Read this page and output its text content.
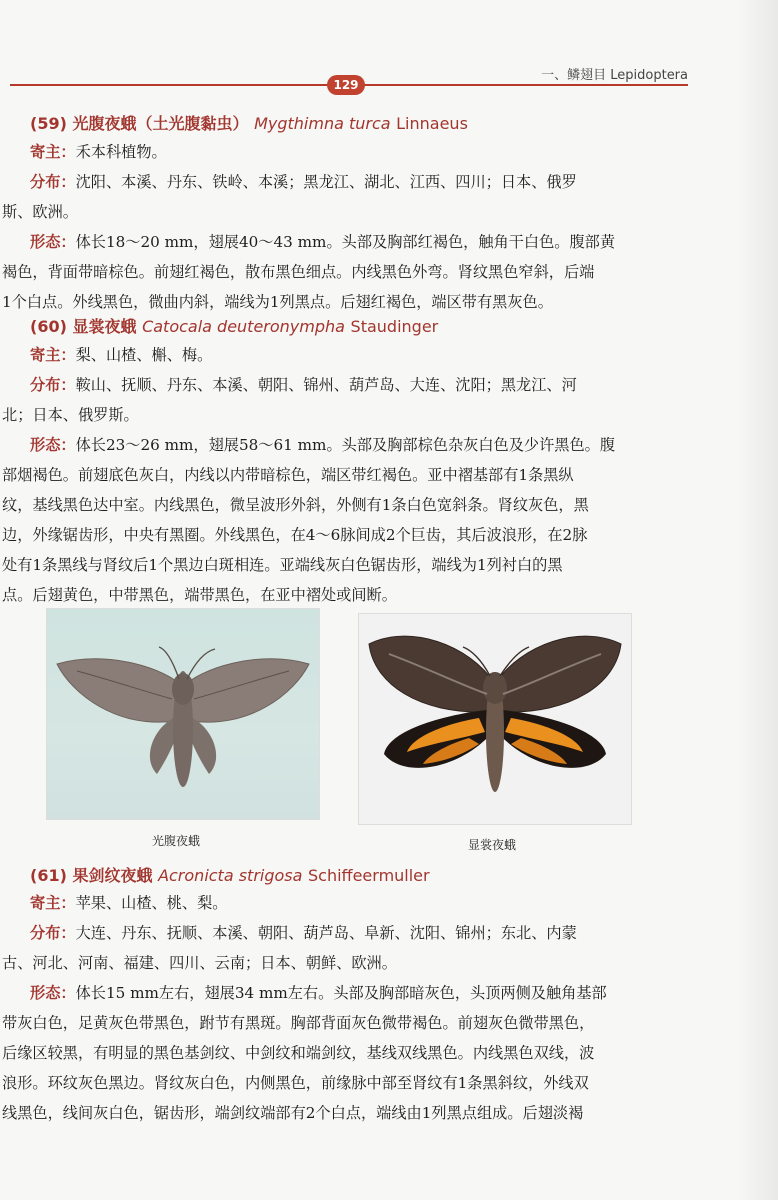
129
一、鳞翅目 Lepidoptera
(59) 光腹夜蛾（土光腹黏虫） Mygthimna turca Linnaeus
寄主：禾本科植物。
分布：沈阳、本溪、丹东、铁岭、本溪；黑龙江、湖北、江西、四川；日本、俄罗
斯、欧洲。
形态：体长18～20 mm，翅展40～43 mm。头部及胸部红褐色，触角干白色。腹部黄
褐色，背面带暗棕色。前翅红褐色，散布黑色细点。内线黑色外弯。肾纹黑色窄斜，后端
1个白点。外线黑色，微曲内斜，端线为1列黑点。后翅红褐色，端区带有黑灰色。
(60) 显裳夜蛾 Catocala deuteronympha Staudinger
寄主：梨、山楂、槲、梅。
分布：鞍山、抚顺、丹东、本溪、朝阳、锦州、葫芦岛、大连、沈阳；黑龙江、河
北；日本、俄罗斯。
形态：体长23～26 mm，翅展58～61 mm。头部及胸部棕色杂灰白色及少许黑色。腹
部烟褐色。前翅底色灰白，内线以内带暗棕色，端区带红褐色。亚中褶基部有1条黑纵
纹，基线黑色达中室。内线黑色，微呈波形外斜，外侧有1条白色宽斜条。肾纹灰色，黑
边，外缘锯齿形，中央有黑圈。外线黑色，在4～6脉间成2个巨齿，其后波浪形，在2脉
处有1条黑线与肾纹后1个黑边白斑相连。亚端线灰白色锯齿形，端线为1列衬白的黑
点。后翅黄色，中带黑色，端带黑色，在亚中褶处或间断。
光腹夜蛾	显裳夜蛾
(61) 果剑纹夜蛾 Acronicta strigosa Schiffeermuller
寄主：苹果、山楂、桃、梨。
分布：大连、丹东、抚顺、本溪、朝阳、葫芦岛、阜新、沈阳、锦州；东北、内蒙
古、河北、河南、福建、四川、云南；日本、朝鲜、欧洲。
形态：体长15 mm左右，翅展34 mm左右。头部及胸部暗灰色，头顶两侧及触角基部
带灰白色，足黄灰色带黑色，跗节有黑斑。胸部背面灰色微带褐色。前翅灰色微带黑色，
后缘区较黑，有明显的黑色基剑纹、中剑纹和端剑纹，基线双线黑色。内线黑色双线，波
浪形。环纹灰色黑边。肾纹灰白色，内侧黑色，前缘脉中部至肾纹有1条黑斜纹，外线双
线黑色，线间灰白色，锯齿形，端剑纹端部有2个白点，端线由1列黑点组成。后翅淡褐
